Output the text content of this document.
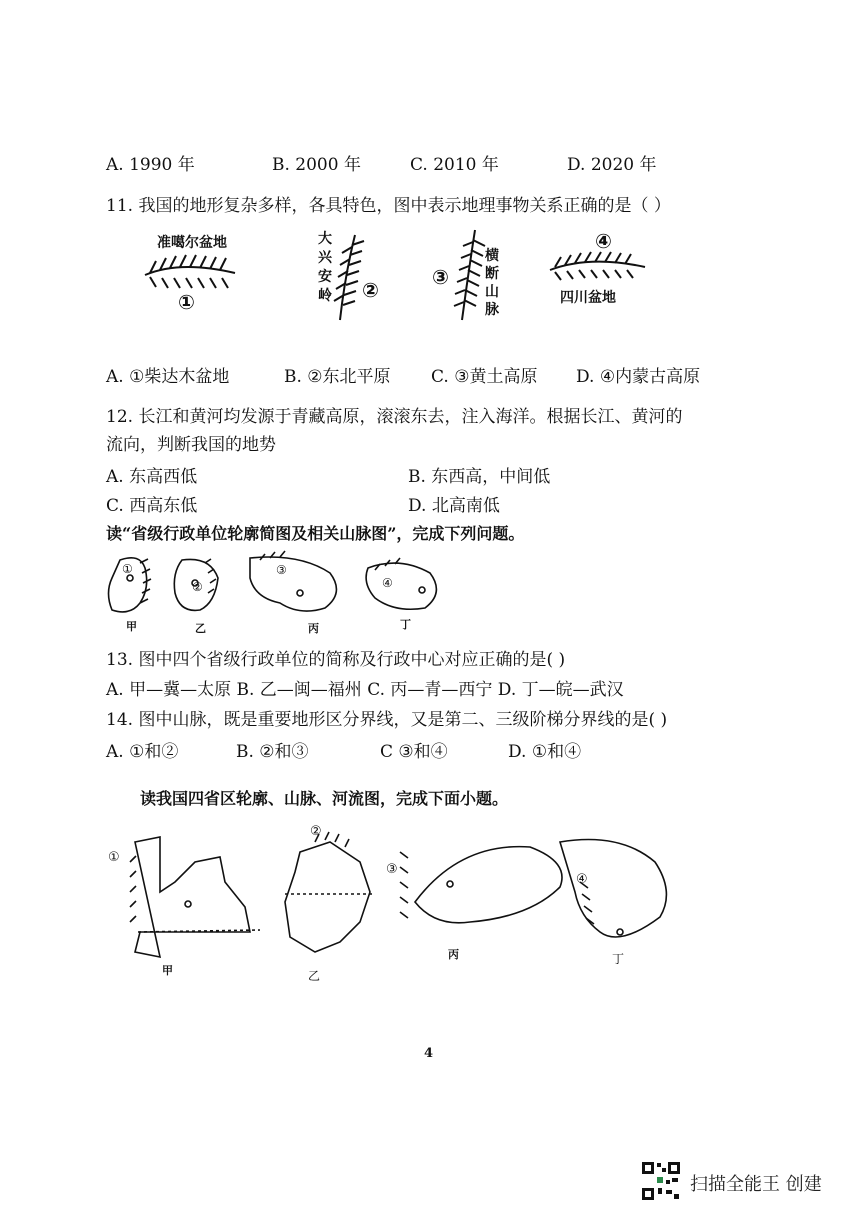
A. 1990 年	B. 2000 年	C. 2010 年	D. 2020 年
11. 我国的地形复杂多样，各具特色，图中表示地理事物关系正确的是（ ）
准噶尔盆地
①
大兴安岭 ②
③
横断山脉
④
四川盆地
A. ①柴达木盆地	B. ②东北平原 C. ③黄土高原 D. ④内蒙古高原
12. 长江和黄河均发源于青藏高原，滚滚东去，注入海洋。根据长江、黄河的
流向，判断我国的地势
A. 东高西低	B. 东西高，中间低
C. 西高东低	D. 北高南低
读“省级行政单位轮廓简图及相关山脉图”，完成下列问题。
甲	乙	丙	丁
①
②
③
④
13. 图中四个省级行政单位的简称及行政中心对应正确的是( )
A. 甲—冀—太原 B. 乙—闽—福州 C. 丙—青—西宁 D. 丁—皖—武汉
14. 图中山脉，既是重要地形区分界线，又是第二、三级阶梯分界线的是( )
A. ①和②	B. ②和③	C ③和④	D. ①和④
读我国四省区轮廓、山脉、河流图，完成下面小题。
①
②
③
④
甲	乙
丙	丁
4
扫描全能王 创建
